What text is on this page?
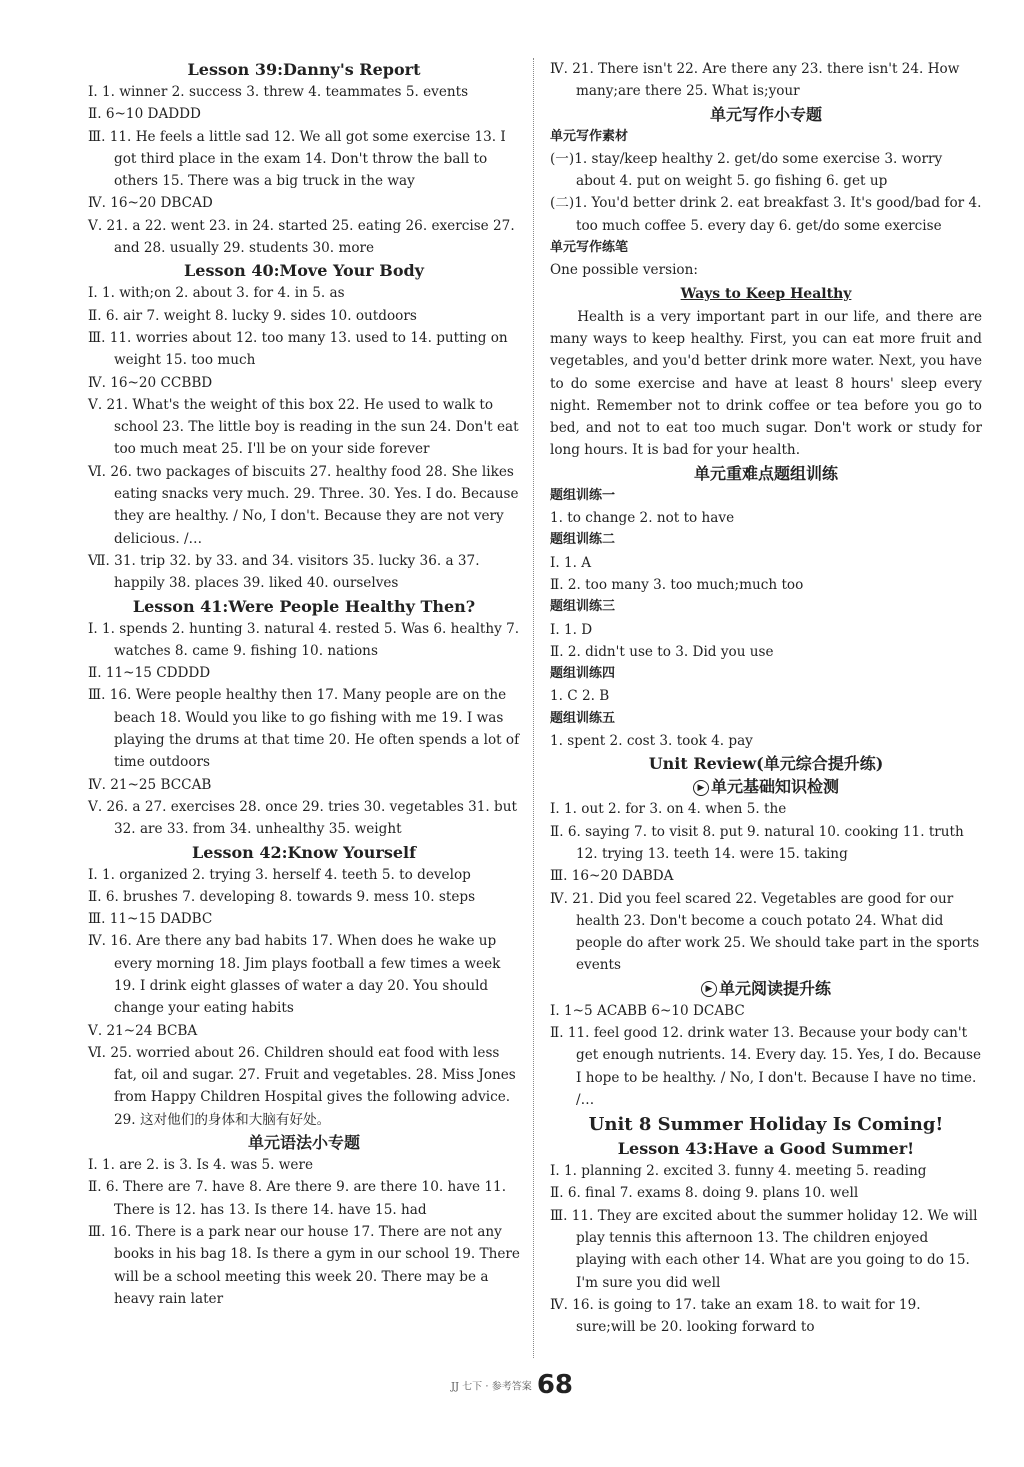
Lesson 39:Danny's Report
Ⅰ. 1. winner 2. success 3. threw 4. teammates 5. events
Ⅱ. 6~10 DADDD
Ⅲ. 11. He feels a little sad 12. We all got some exercise 13. I got third place in the exam 14. Don't throw the ball to others 15. There was a big truck in the way
Ⅳ. 16~20 DBCAD
Ⅴ. 21. a 22. went 23. in 24. started 25. eating 26. exercise 27. and 28. usually 29. students 30. more
Lesson 40:Move Your Body
Ⅰ. 1. with;on 2. about 3. for 4. in 5. as
Ⅱ. 6. air 7. weight 8. lucky 9. sides 10. outdoors
Ⅲ. 11. worries about 12. too many 13. used to 14. putting on weight 15. too much
Ⅳ. 16~20 CCBBD
Ⅴ. 21. What's the weight of this box 22. He used to walk to school 23. The little boy is reading in the sun 24. Don't eat too much meat 25. I'll be on your side forever
Ⅵ. 26. two packages of biscuits 27. healthy food 28. She likes eating snacks very much. 29. Three. 30. Yes. I do. Because they are healthy. / No, I don't. Because they are not very delicious. /…
Ⅶ. 31. trip 32. by 33. and 34. visitors 35. lucky 36. a 37. happily 38. places 39. liked 40. ourselves
Lesson 41:Were People Healthy Then?
Ⅰ. 1. spends 2. hunting 3. natural 4. rested 5. Was 6. healthy 7. watches 8. came 9. fishing 10. nations
Ⅱ. 11~15 CDDDD
Ⅲ. 16. Were people healthy then 17. Many people are on the beach 18. Would you like to go fishing with me 19. I was playing the drums at that time 20. He often spends a lot of time outdoors
Ⅳ. 21~25 BCCAB
Ⅴ. 26. a 27. exercises 28. once 29. tries 30. vegetables 31. but 32. are 33. from 34. unhealthy 35. weight
Lesson 42:Know Yourself
Ⅰ. 1. organized 2. trying 3. herself 4. teeth 5. to develop
Ⅱ. 6. brushes 7. developing 8. towards 9. mess 10. steps
Ⅲ. 11~15 DADBC
Ⅳ. 16. Are there any bad habits 17. When does he wake up every morning 18. Jim plays football a few times a week 19. I drink eight glasses of water a day 20. You should change your eating habits
Ⅴ. 21~24 BCBA
Ⅵ. 25. worried about 26. Children should eat food with less fat, oil and sugar. 27. Fruit and vegetables. 28. Miss Jones from Happy Children Hospital gives the following advice. 29. 这对他们的身体和大脑有好处。
单元语法小专题
Ⅰ. 1. are 2. is 3. Is 4. was 5. were
Ⅱ. 6. There are 7. have 8. Are there 9. are there 10. have 11. There is 12. has 13. Is there 14. have 15. had
Ⅲ. 16. There is a park near our house 17. There are not any books in his bag 18. Is there a gym in our school 19. There will be a school meeting this week 20. There may be a heavy rain later
Ⅳ. 21. There isn't 22. Are there any 23. there isn't 24. How many;are there 25. What is;your
单元写作小专题
单元写作素材
(一)1. stay/keep healthy 2. get/do some exercise 3. worry about 4. put on weight 5. go fishing 6. get up
(二)1. You'd better drink 2. eat breakfast 3. It's good/bad for 4. too much coffee 5. every day 6. get/do some exercise
单元写作练笔
One possible version:
Ways to Keep Healthy
Health is a very important part in our life, and there are many ways to keep healthy. First, you can eat more fruit and vegetables, and you'd better drink more water. Next, you have to do some exercise and have at least 8 hours' sleep every night. Remember not to drink coffee or tea before you go to bed, and not to eat too much sugar. Don't work or study for long hours. It is bad for your health.
单元重难点题组训练
题组训练一
1. to change 2. not to have
题组训练二
Ⅰ. 1. A
Ⅱ. 2. too many 3. too much;much too
题组训练三
Ⅰ. 1. D
Ⅱ. 2. didn't use to 3. Did you use
题组训练四
1. C 2. B
题组训练五
1. spent 2. cost 3. took 4. pay
Unit Review(单元综合提升练)
▶ 单元基础知识检测
Ⅰ. 1. out 2. for 3. on 4. when 5. the
Ⅱ. 6. saying 7. to visit 8. put 9. natural 10. cooking 11. truth 12. trying 13. teeth 14. were 15. taking
Ⅲ. 16~20 DABDA
Ⅳ. 21. Did you feel scared 22. Vegetables are good for our health 23. Don't become a couch potato 24. What did people do after work 25. We should take part in the sports events
▶ 单元阅读提升练
Ⅰ. 1~5 ACABB 6~10 DCABC
Ⅱ. 11. feel good 12. drink water 13. Because your body can't get enough nutrients. 14. Every day. 15. Yes, I do. Because I hope to be healthy. / No, I don't. Because I have no time. /…
Unit 8 Summer Holiday Is Coming!
Lesson 43:Have a Good Summer!
Ⅰ. 1. planning 2. excited 3. funny 4. meeting 5. reading
Ⅱ. 6. final 7. exams 8. doing 9. plans 10. well
Ⅲ. 11. They are excited about the summer holiday 12. We will play tennis this afternoon 13. The children enjoyed playing with each other 14. What are you going to do 15. I'm sure you did well
Ⅳ. 16. is going to 17. take an exam 18. to wait for 19. sure;will be 20. looking forward to
JJ 七下 · 参考答案 68
